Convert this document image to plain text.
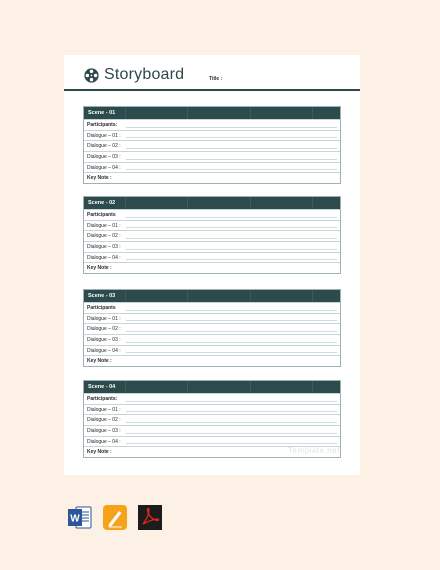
Storyboard	Title :
Scene - 01
Participants:
Dialogue – 01 :
Dialogue – 02 :
Dialogue – 03 :
Dialogue – 04 :
Key Note :
Scene - 02
Participants
Dialogue – 01 :
Dialogue – 02 :
Dialogue – 03 :
Dialogue – 04 :
Key Note :
Scene - 03
Participants
Dialogue – 01 :
Dialogue – 02 :
Dialogue – 03 :
Dialogue – 04 :
Key Note :
Scene - 04
Participants:
Dialogue – 01 :
Dialogue – 02 :
Dialogue – 03 :
Dialogue – 04 :
Key Note :	Template.net
W
